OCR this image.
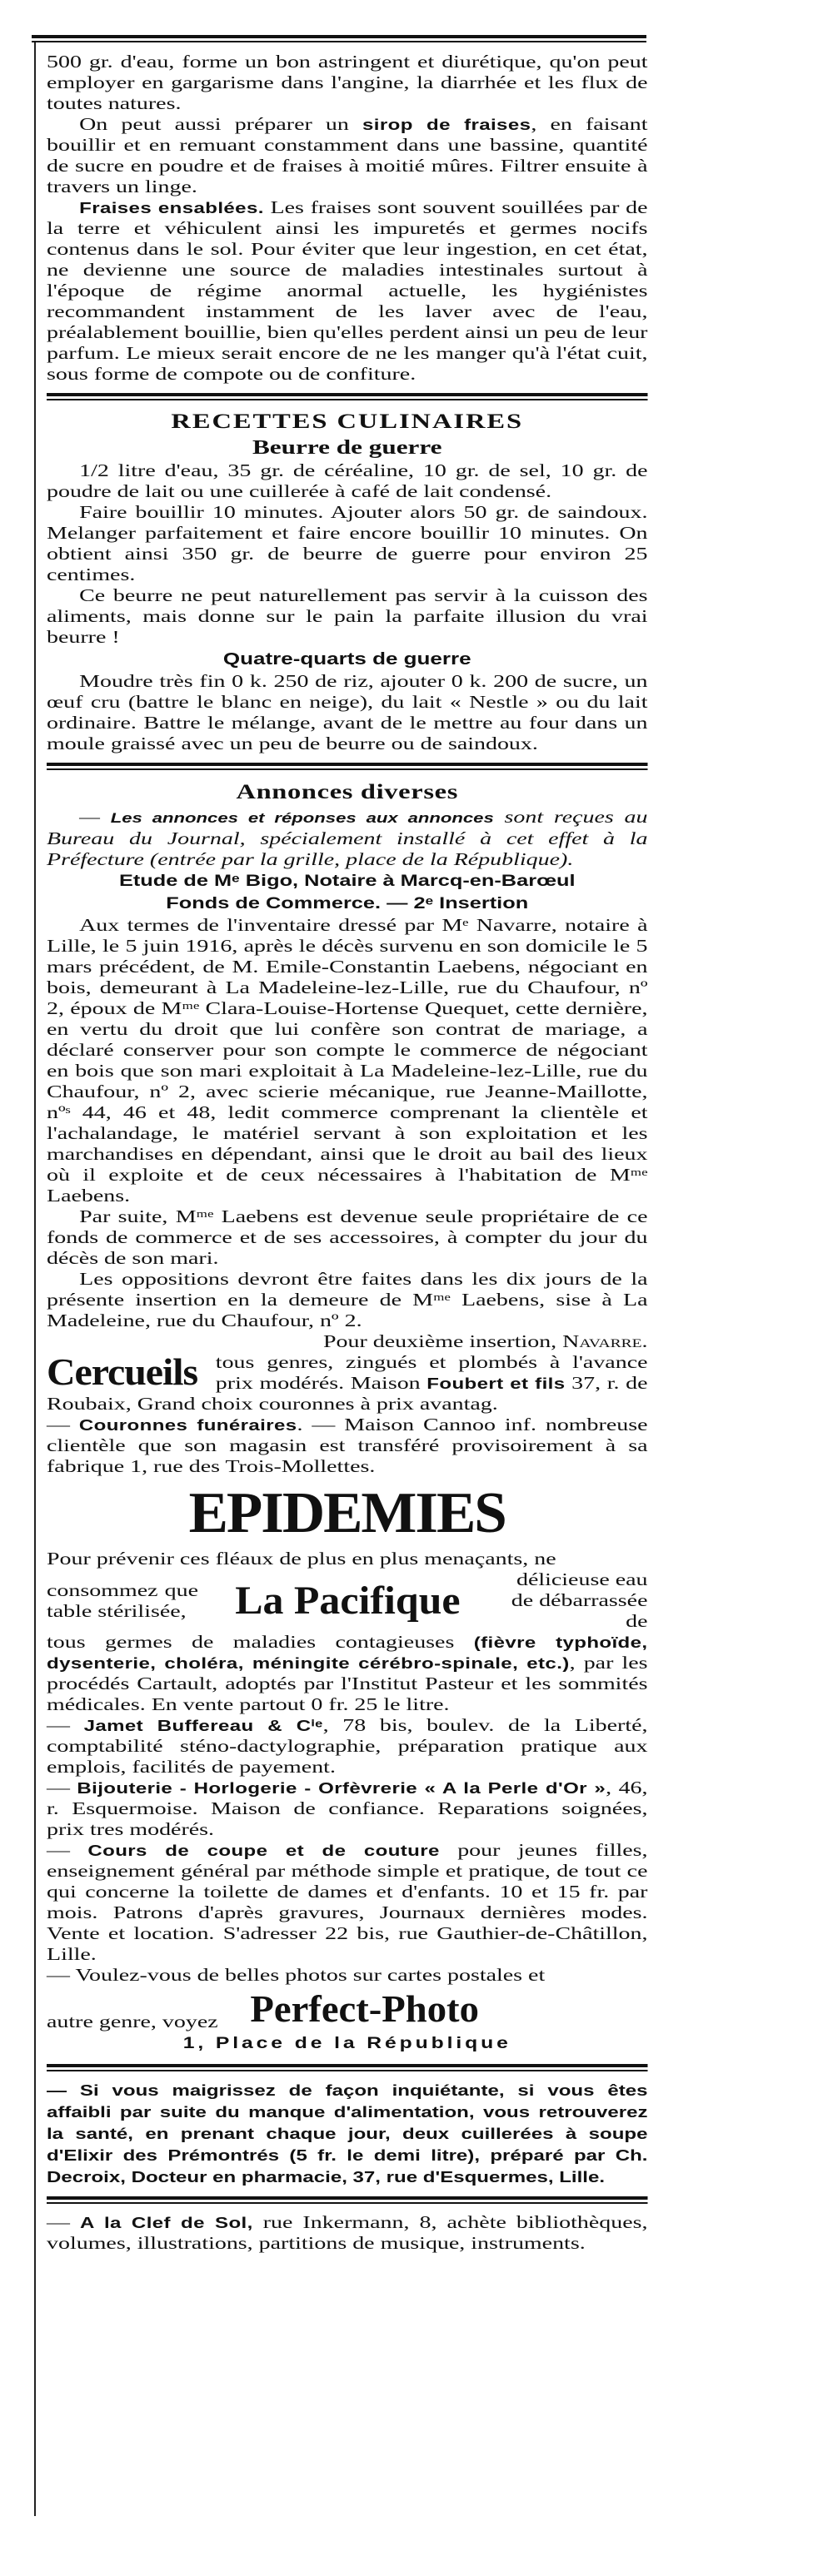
500 gr. d'eau, forme un bon astringent et diurétique, qu'on peut employer en gargarisme dans l'angine, la diarrhée et les flux de toutes natures.

On peut aussi préparer un sirop de fraises, en faisant bouillir et en remuant constamment dans une bassine, quantité de sucre en poudre et de fraises à moitié mûres. Filtrer ensuite à travers un linge.

Fraises ensablées. Les fraises sont souvent souillées par de la terre et véhiculent ainsi les impuretés et germes nocifs contenus dans le sol. Pour éviter que leur ingestion, en cet état, ne devienne une source de maladies intestinales surtout à l'époque de régime anormal actuelle, les hygiénistes recommandent instamment de les laver avec de l'eau, préalablement bouillie, bien qu'elles perdent ainsi un peu de leur parfum. Le mieux serait encore de ne les manger qu'à l'état cuit, sous forme de compote ou de confiture.

RECETTES CULINAIRES
Beurre de guerre

1/2 litre d'eau, 35 gr. de céréaline, 10 gr. de sel, 10 gr. de poudre de lait ou une cuillerée à café de lait condensé.

Faire bouillir 10 minutes. Ajouter alors 50 gr. de saindoux. Melanger parfaitement et faire encore bouillir 10 minutes. On obtient ainsi 350 gr. de beurre de guerre pour environ 25 centimes.

Ce beurre ne peut naturellement pas servir à la cuisson des aliments, mais donne sur le pain la parfaite illusion du vrai beurre !

Quatre-quarts de guerre

Moudre très fin 0 k. 250 de riz, ajouter 0 k. 200 de sucre, un œuf cru (battre le blanc en neige), du lait « Nestle » ou du lait ordinaire. Battre le mélange, avant de le mettre au four dans un moule graissé avec un peu de beurre ou de saindoux.

Annonces diverses

— Les annonces et réponses aux annonces sont reçues au Bureau du Journal, spécialement installé à cet effet à la Préfecture (entrée par la grille, place de la République).

Etude de Mᵉ Bigo, Notaire à Marcq-en-Barœul
Fonds de Commerce. — 2ᵉ Insertion

Aux termes de l'inventaire dressé par Mᵉ Navarre, notaire à Lille, le 5 juin 1916, après le décès survenu en son domicile le 5 mars précédent, de M. Emile-Constantin Laebens, négociant en bois, demeurant à La Madeleine-lez-Lille, rue du Chaufour, nº 2, époux de Mᵐᵉ Clara-Louise-Hortense Quequet, cette dernière, en vertu du droit que lui confère son contrat de mariage, a déclaré conserver pour son compte le commerce de négociant en bois que son mari exploitait à La Madeleine-lez-Lille, rue du Chaufour, nº 2, avec scierie mécanique, rue Jeanne-Maillotte, nºˢ 44, 46 et 48, ledit commerce comprenant la clientèle et l'achalandage, le matériel servant à son exploitation et les marchandises en dépendant, ainsi que le droit au bail des lieux où il exploite et de ceux nécessaires à l'habitation de Mᵐᵉ Laebens.

Par suite, Mᵐᵉ Laebens est devenue seule propriétaire de ce fonds de commerce et de ses accessoires, à compter du jour du décès de son mari.

Les oppositions devront être faites dans les dix jours de la présente insertion en la demeure de Mᵐᵉ Laebens, sise à La Madeleine, rue du Chaufour, nº 2.

Pour deuxième insertion, Navarre.

Cercueils	tous genres, zingués et plombés à l'avance prix modérés. Maison Foubert et fils 37, r. de Roubaix, Grand choix couronnes à prix avantag.

— Couronnes funéraires. — Maison Cannoo inf. nombreuse clientèle que son magasin est transféré provisoirement à sa fabrique 1, rue des Trois-Mollettes.

EPIDEMIES

Pour prévenir ces fléaux de plus en plus menaçants, ne

consommez que table stérilisée, La Pacifique	délicieuse eau de débarrassée de

tous germes de maladies contagieuses (fièvre typhoïde, dysenterie, choléra, méningite cérébro-spinale, etc.), par les procédés Cartault, adoptés par l'Institut Pasteur et les sommités médicales. En vente partout 0 fr. 25 le litre.

— Jamet Buffereau & Cⁱᵉ, 78 bis, boulev. de la Liberté, comptabilité sténo-dactylographie, préparation pratique aux emplois, facilités de payement.

— Bijouterie - Horlogerie - Orfèvrerie « A la Perle d'Or », 46, r. Esquermoise. Maison de confiance. Reparations soignées, prix tres modérés.

— Cours de coupe et de couture pour jeunes filles, enseignement général par méthode simple et pratique, de tout ce qui concerne la toilette de dames et d'enfants. 10 et 15 fr. par mois. Patrons d'après gravures, Journaux dernières modes. Vente et location. S'adresser 22 bis, rue Gauthier-de-Châtillon, Lille.

— Voulez-vous de belles photos sur cartes postales et

autre genre, voyez Perfect-Photo
1, Place de la République

— Si vous maigrissez de façon inquiétante, si vous êtes affaibli par suite du manque d'alimentation, vous retrouverez la santé, en prenant chaque jour, deux cuillerées à soupe d'Elixir des Prémontrés (5 fr. le demi litre), préparé par Ch. Decroix, Docteur en pharmacie, 37, rue d'Esquermes, Lille.

— A la Clef de Sol, rue Inkermann, 8, achète bibliothèques, volumes, illustrations, partitions de musique, instruments.
